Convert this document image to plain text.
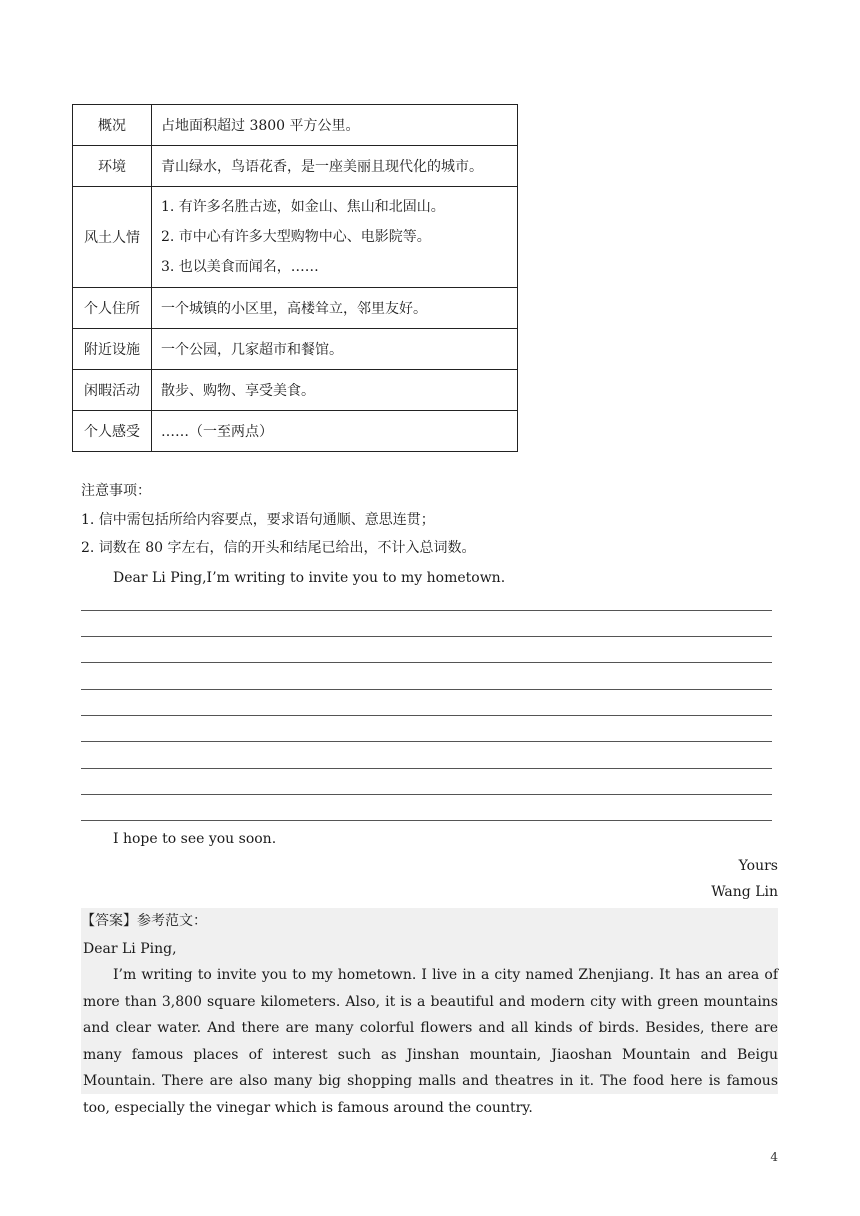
概况	占地面积超过 3800 平方公里。
环境	青山绿水，鸟语花香，是一座美丽且现代化的城市。
风土人情	1. 有许多名胜古迹，如金山、焦山和北固山。
2. 市中心有许多大型购物中心、电影院等。
3. 也以美食而闻名，……

个人住所	一个城镇的小区里，高楼耸立，邻里友好。
附近设施	一个公园，几家超市和餐馆。
闲暇活动	散步、购物、享受美食。
个人感受	……（一至两点）
注意事项：
1. 信中需包括所给内容要点，要求语句通顺、意思连贯；
2. 词数在 80 字左右，信的开头和结尾已给出，不计入总词数。
Dear Li Ping,I’m writing to invite you to my hometown.
I hope to see you soon.
Yours
Wang Lin
【答案】参考范文：
Dear Li Ping,
I’m writing to invite you to my hometown. I live in a city named Zhenjiang. It has an area of more than 3,800 square kilometers. Also, it is a beautiful and modern city with green mountains and clear water. And there are many colorful flowers and all kinds of birds. Besides, there are many famous places of interest such as Jinshan mountain, Jiaoshan Mountain and Beigu Mountain. There are also many big shopping malls and theatres in it. The food here is famous too, especially the vinegar which is famous around the country.
4
